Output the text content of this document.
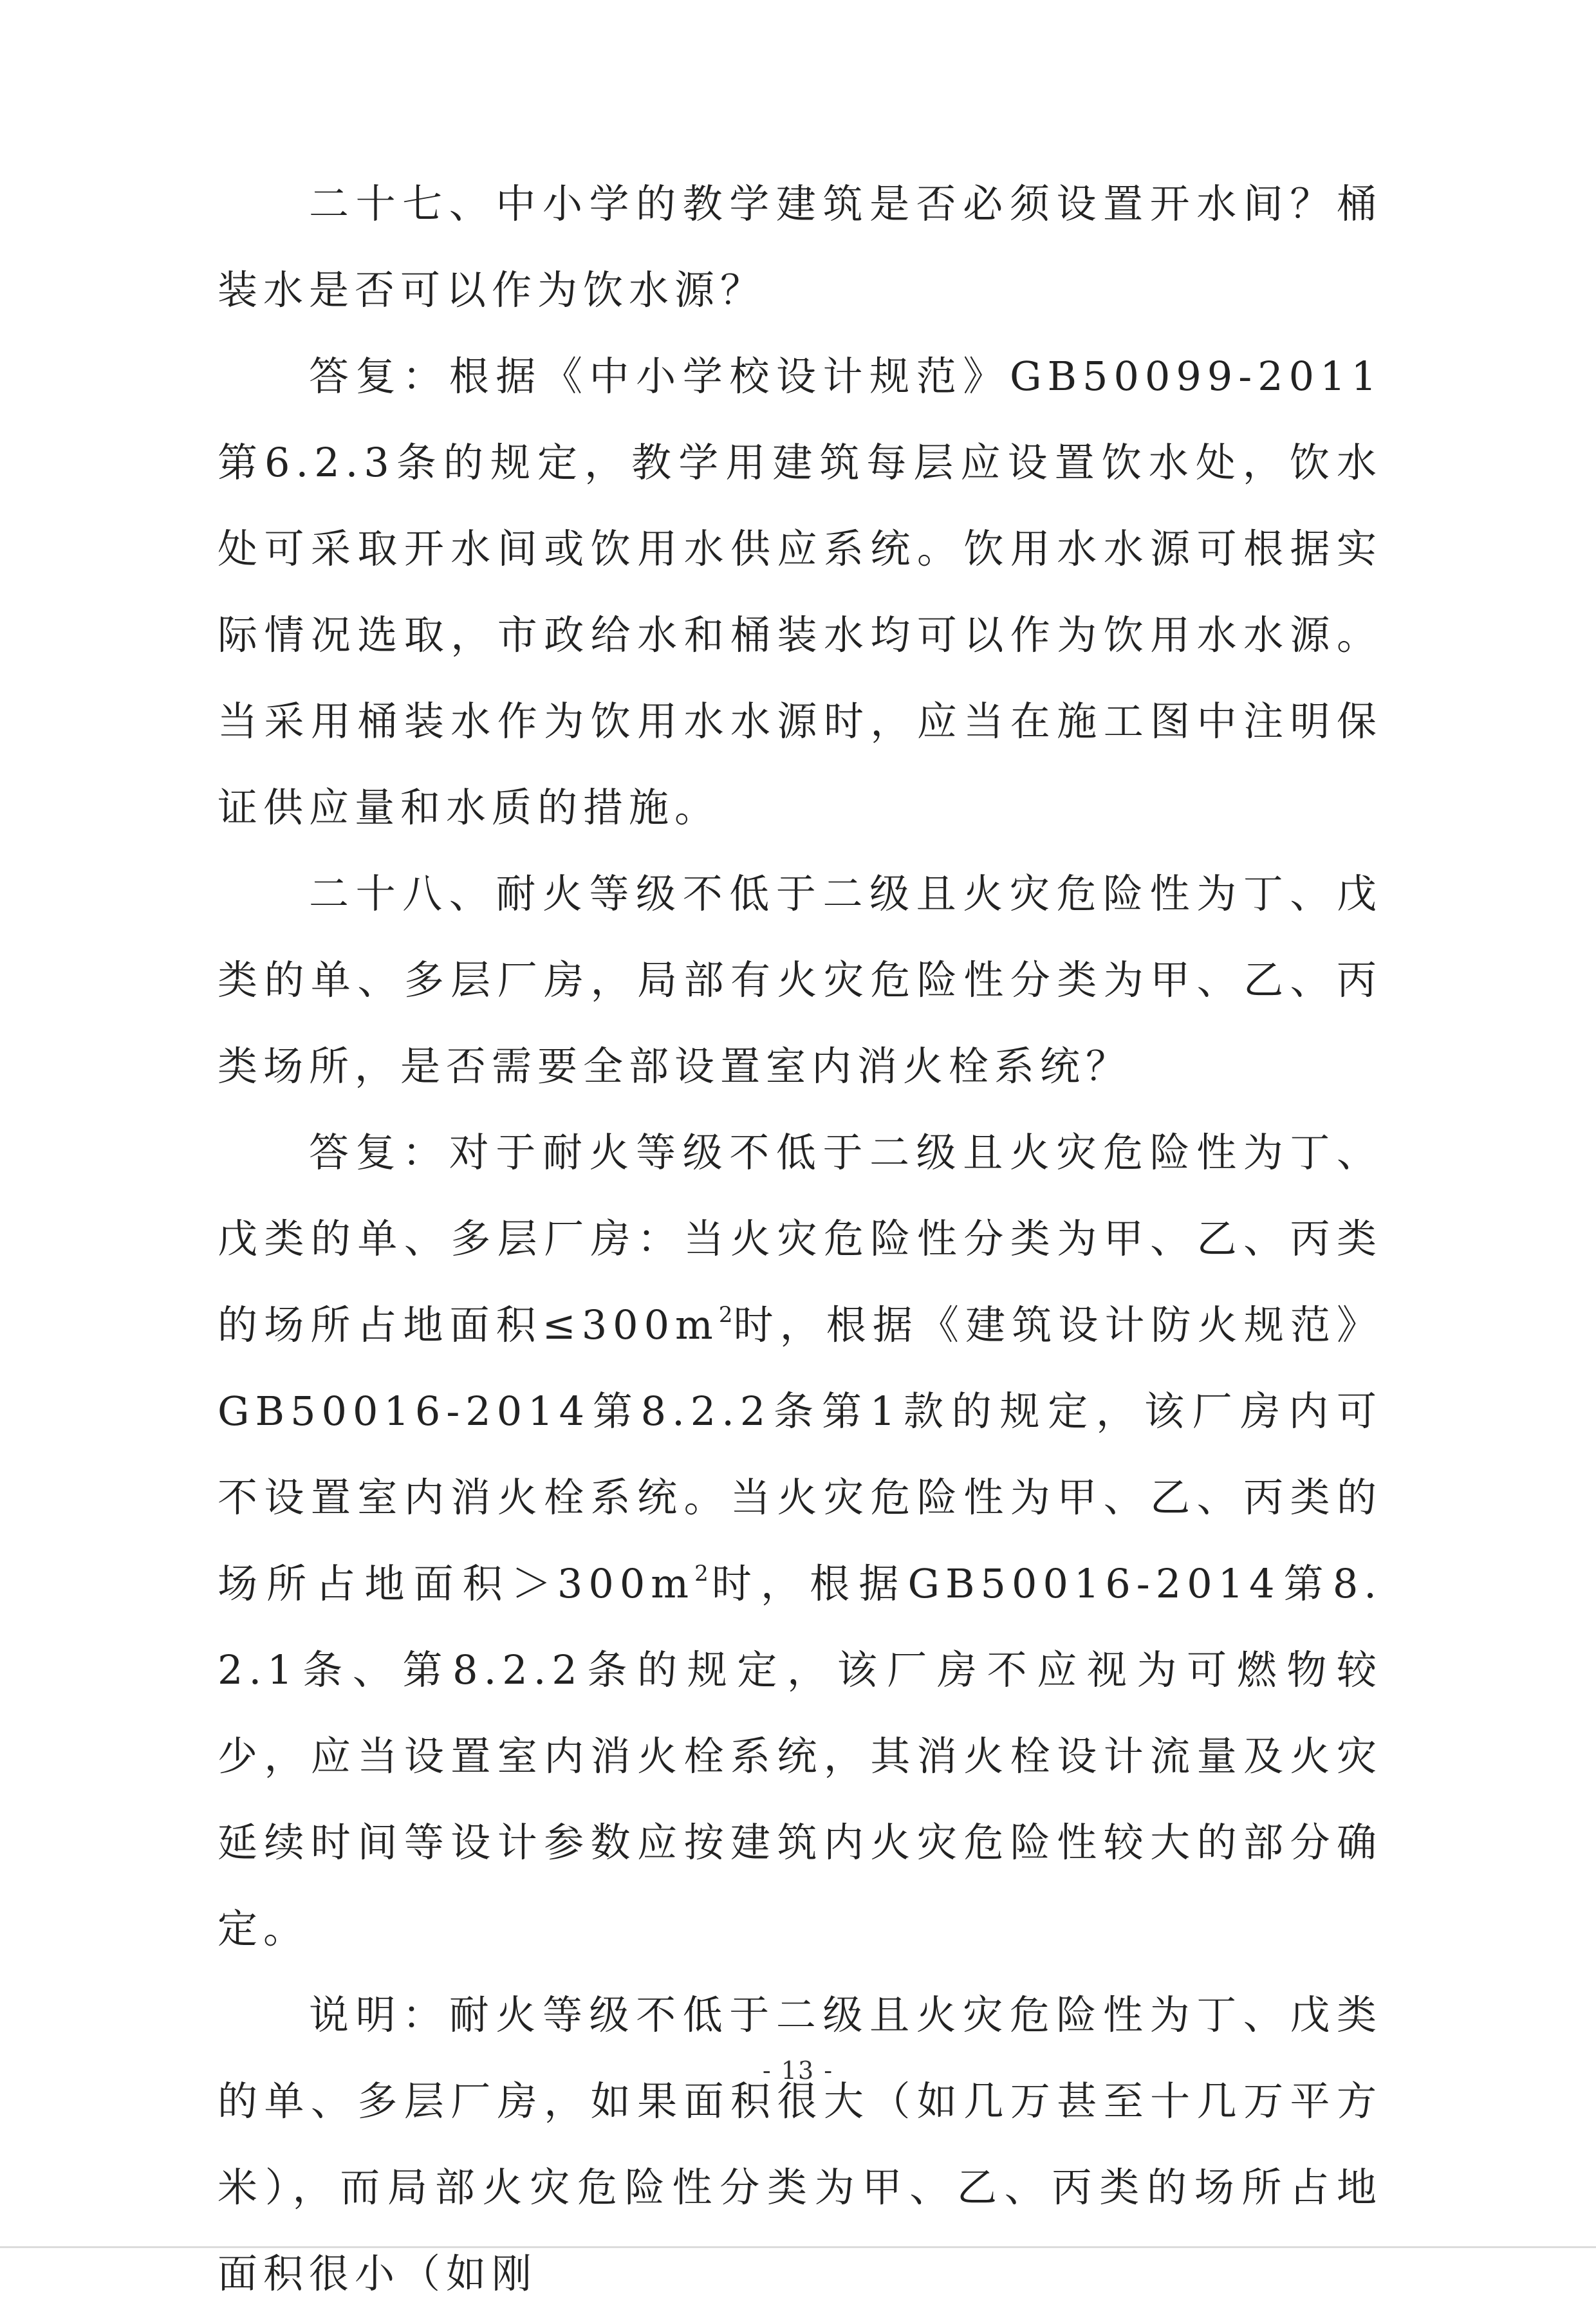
二十七、中小学的教学建筑是否必须设置开水间？桶装水是否可以作为饮水源？

答复：根据《中小学校设计规范》GB50099-2011第6.2.3条的规定，教学用建筑每层应设置饮水处，饮水处可采取开水间或饮用水供应系统。饮用水水源可根据实际情况选取，市政给水和桶装水均可以作为饮用水水源。当采用桶装水作为饮用水水源时，应当在施工图中注明保证供应量和水质的措施。

二十八、耐火等级不低于二级且火灾危险性为丁、戊类的单、多层厂房，局部有火灾危险性分类为甲、乙、丙类场所，是否需要全部设置室内消火栓系统？

答复：对于耐火等级不低于二级且火灾危险性为丁、戊类的单、多层厂房：当火灾危险性分类为甲、乙、丙类的场所占地面积$\le 300m^2$时，根据《建筑设计防火规范》GB50016-2014第8.2.2条第1款的规定，该厂房内可不设置室内消火栓系统。当火灾危险性为甲、乙、丙类的场所占地面积$>300m^2$时，根据GB50016-2014第8.2.1条、第8.2.2条的规定，该厂房不应视为可燃物较少，应当设置室内消火栓系统，其消火栓设计流量及火灾延续时间等设计参数应按建筑内火灾危险性较大的部分确定。

说明：耐火等级不低于二级且火灾危险性为丁、戊类的单、多层厂房，如果面积很大（如几万甚至十几万平方米），而局部火灾危险性分类为甲、乙、丙类的场所占地面积很小（如刚

- 13 -
